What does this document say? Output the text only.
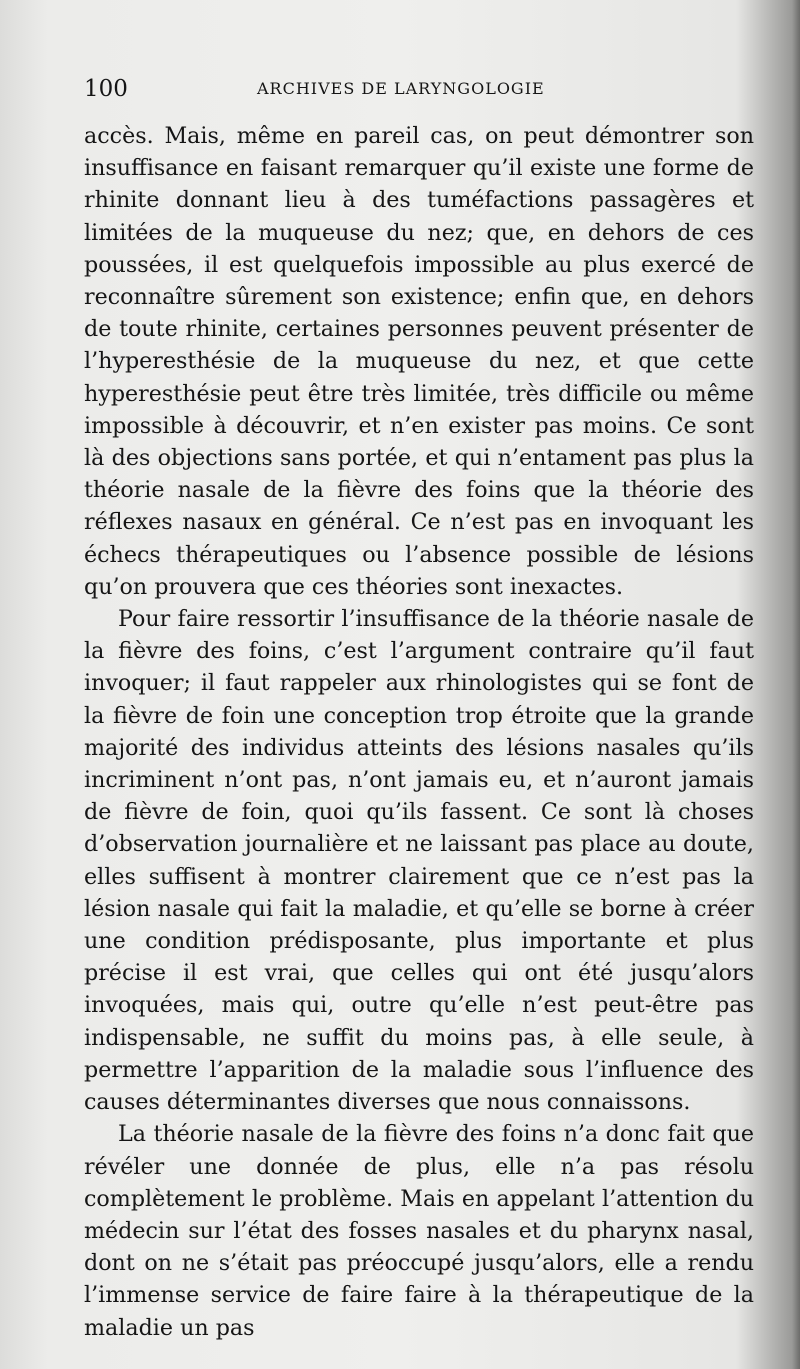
100	ARCHIVES DE LARYNGOLOGIE

accès. Mais, même en pareil cas, on peut démontrer son insuffisance en faisant remarquer qu’il existe une forme de rhinite donnant lieu à des tuméfactions passagères et limitées de la muqueuse du nez; que, en dehors de ces poussées, il est quelquefois impossible au plus exercé de reconnaître sûrement son existence; enfin que, en dehors de toute rhinite, certaines personnes peuvent présenter de l’hyperesthésie de la muqueuse du nez, et que cette hyperesthésie peut être très limitée, très difficile ou même impossible à découvrir, et n’en exister pas moins. Ce sont là des objections sans portée, et qui n’entament pas plus la théorie nasale de la fièvre des foins que la théorie des réflexes nasaux en général. Ce n’est pas en invoquant les échecs thérapeutiques ou l’absence possible de lésions qu’on prouvera que ces théories sont inexactes.

Pour faire ressortir l’insuffisance de la théorie nasale de la fièvre des foins, c’est l’argument contraire qu’il faut invoquer; il faut rappeler aux rhinologistes qui se font de la fièvre de foin une conception trop étroite que la grande majorité des individus atteints des lésions nasales qu’ils incriminent n’ont pas, n’ont jamais eu, et n’auront jamais de fièvre de foin, quoi qu’ils fassent. Ce sont là choses d’observation journalière et ne laissant pas place au doute, elles suffisent à montrer clairement que ce n’est pas la lésion nasale qui fait la maladie, et qu’elle se borne à créer une condition prédisposante, plus importante et plus précise il est vrai, que celles qui ont été jusqu’alors invoquées, mais qui, outre qu’elle n’est peut-être pas indispensable, ne suffit du moins pas, à elle seule, à permettre l’apparition de la maladie sous l’influence des causes déterminantes diverses que nous connaissons.

La théorie nasale de la fièvre des foins n’a donc fait que révéler une donnée de plus, elle n’a pas résolu complètement le problème. Mais en appelant l’attention du médecin sur l’état des fosses nasales et du pharynx nasal, dont on ne s’était pas préoccupé jusqu’alors, elle a rendu l’immense service de faire faire à la thérapeutique de la maladie un pas
